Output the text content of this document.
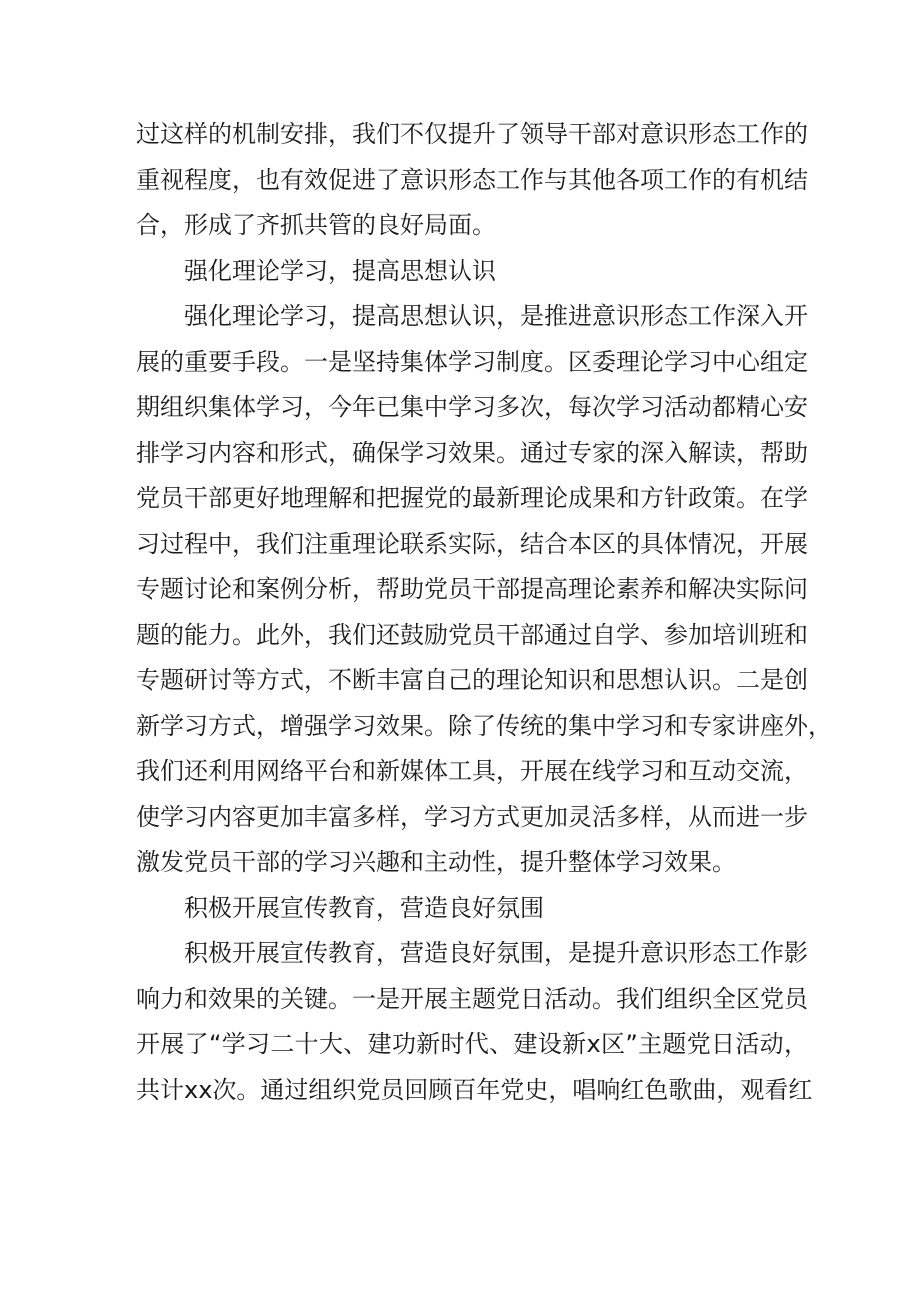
过这样的机制安排，我们不仅提升了领导干部对意识形态工作的
重视程度，也有效促进了意识形态工作与其他各项工作的有机结
合，形成了齐抓共管的良好局面。
强化理论学习，提高思想认识
强化理论学习，提高思想认识，是推进意识形态工作深入开
展的重要手段。一是坚持集体学习制度。区委理论学习中心组定
期组织集体学习，今年已集中学习多次，每次学习活动都精心安
排学习内容和形式，确保学习效果。通过专家的深入解读，帮助
党员干部更好地理解和把握党的最新理论成果和方针政策。在学
习过程中，我们注重理论联系实际，结合本区的具体情况，开展
专题讨论和案例分析，帮助党员干部提高理论素养和解决实际问
题的能力。此外，我们还鼓励党员干部通过自学、参加培训班和
专题研讨等方式，不断丰富自己的理论知识和思想认识。二是创
新学习方式，增强学习效果。除了传统的集中学习和专家讲座外，
我们还利用网络平台和新媒体工具，开展在线学习和互动交流，
使学习内容更加丰富多样，学习方式更加灵活多样，从而进一步
激发党员干部的学习兴趣和主动性，提升整体学习效果。
积极开展宣传教育，营造良好氛围
积极开展宣传教育，营造良好氛围，是提升意识形态工作影
响力和效果的关键。一是开展主题党日活动。我们组织全区党员
开展了“学习二十大、建功新时代、建设新x区”主题党日活动，
共计xx次。通过组织党员回顾百年党史，唱响红色歌曲，观看红
